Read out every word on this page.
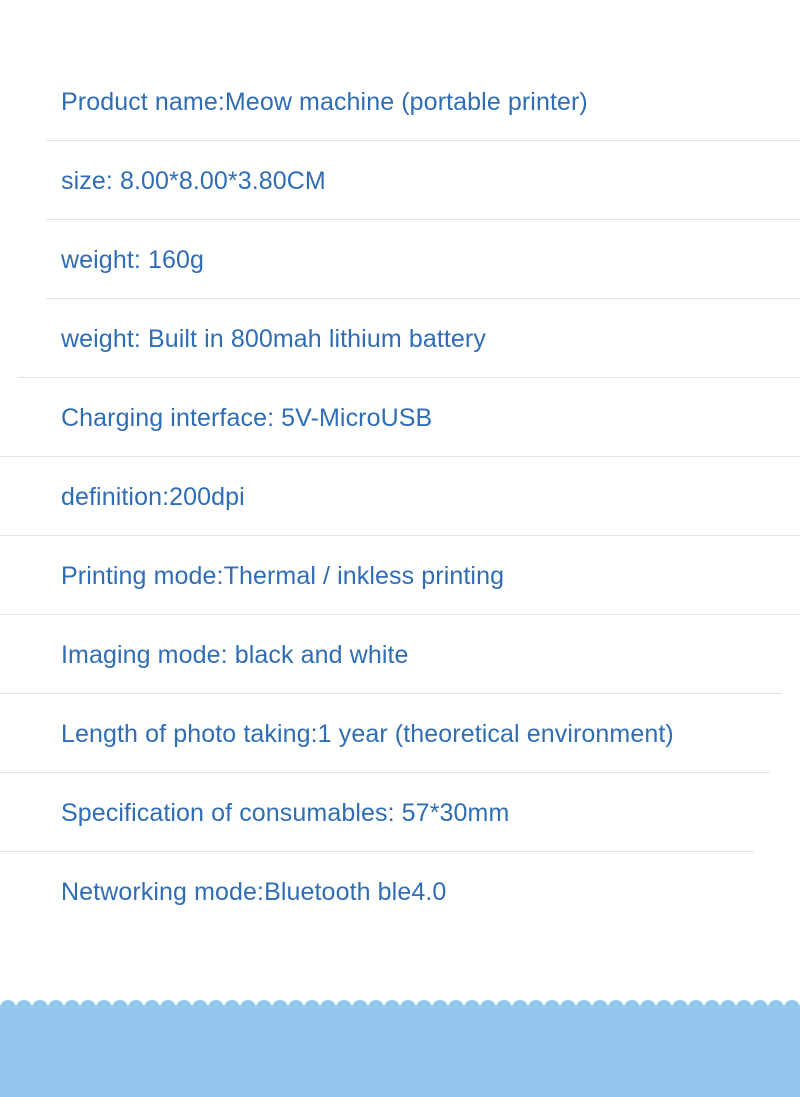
Product name:Meow machine (portable printer)
size: 8.00*8.00*3.80CM
weight: 160g
weight: Built in 800mah lithium battery
Charging interface: 5V-MicroUSB
definition:200dpi
Printing mode:Thermal / inkless printing
Imaging mode: black and white
Length of photo taking:1 year (theoretical environment)
Specification of consumables: 57*30mm
Networking mode:Bluetooth ble4.0
